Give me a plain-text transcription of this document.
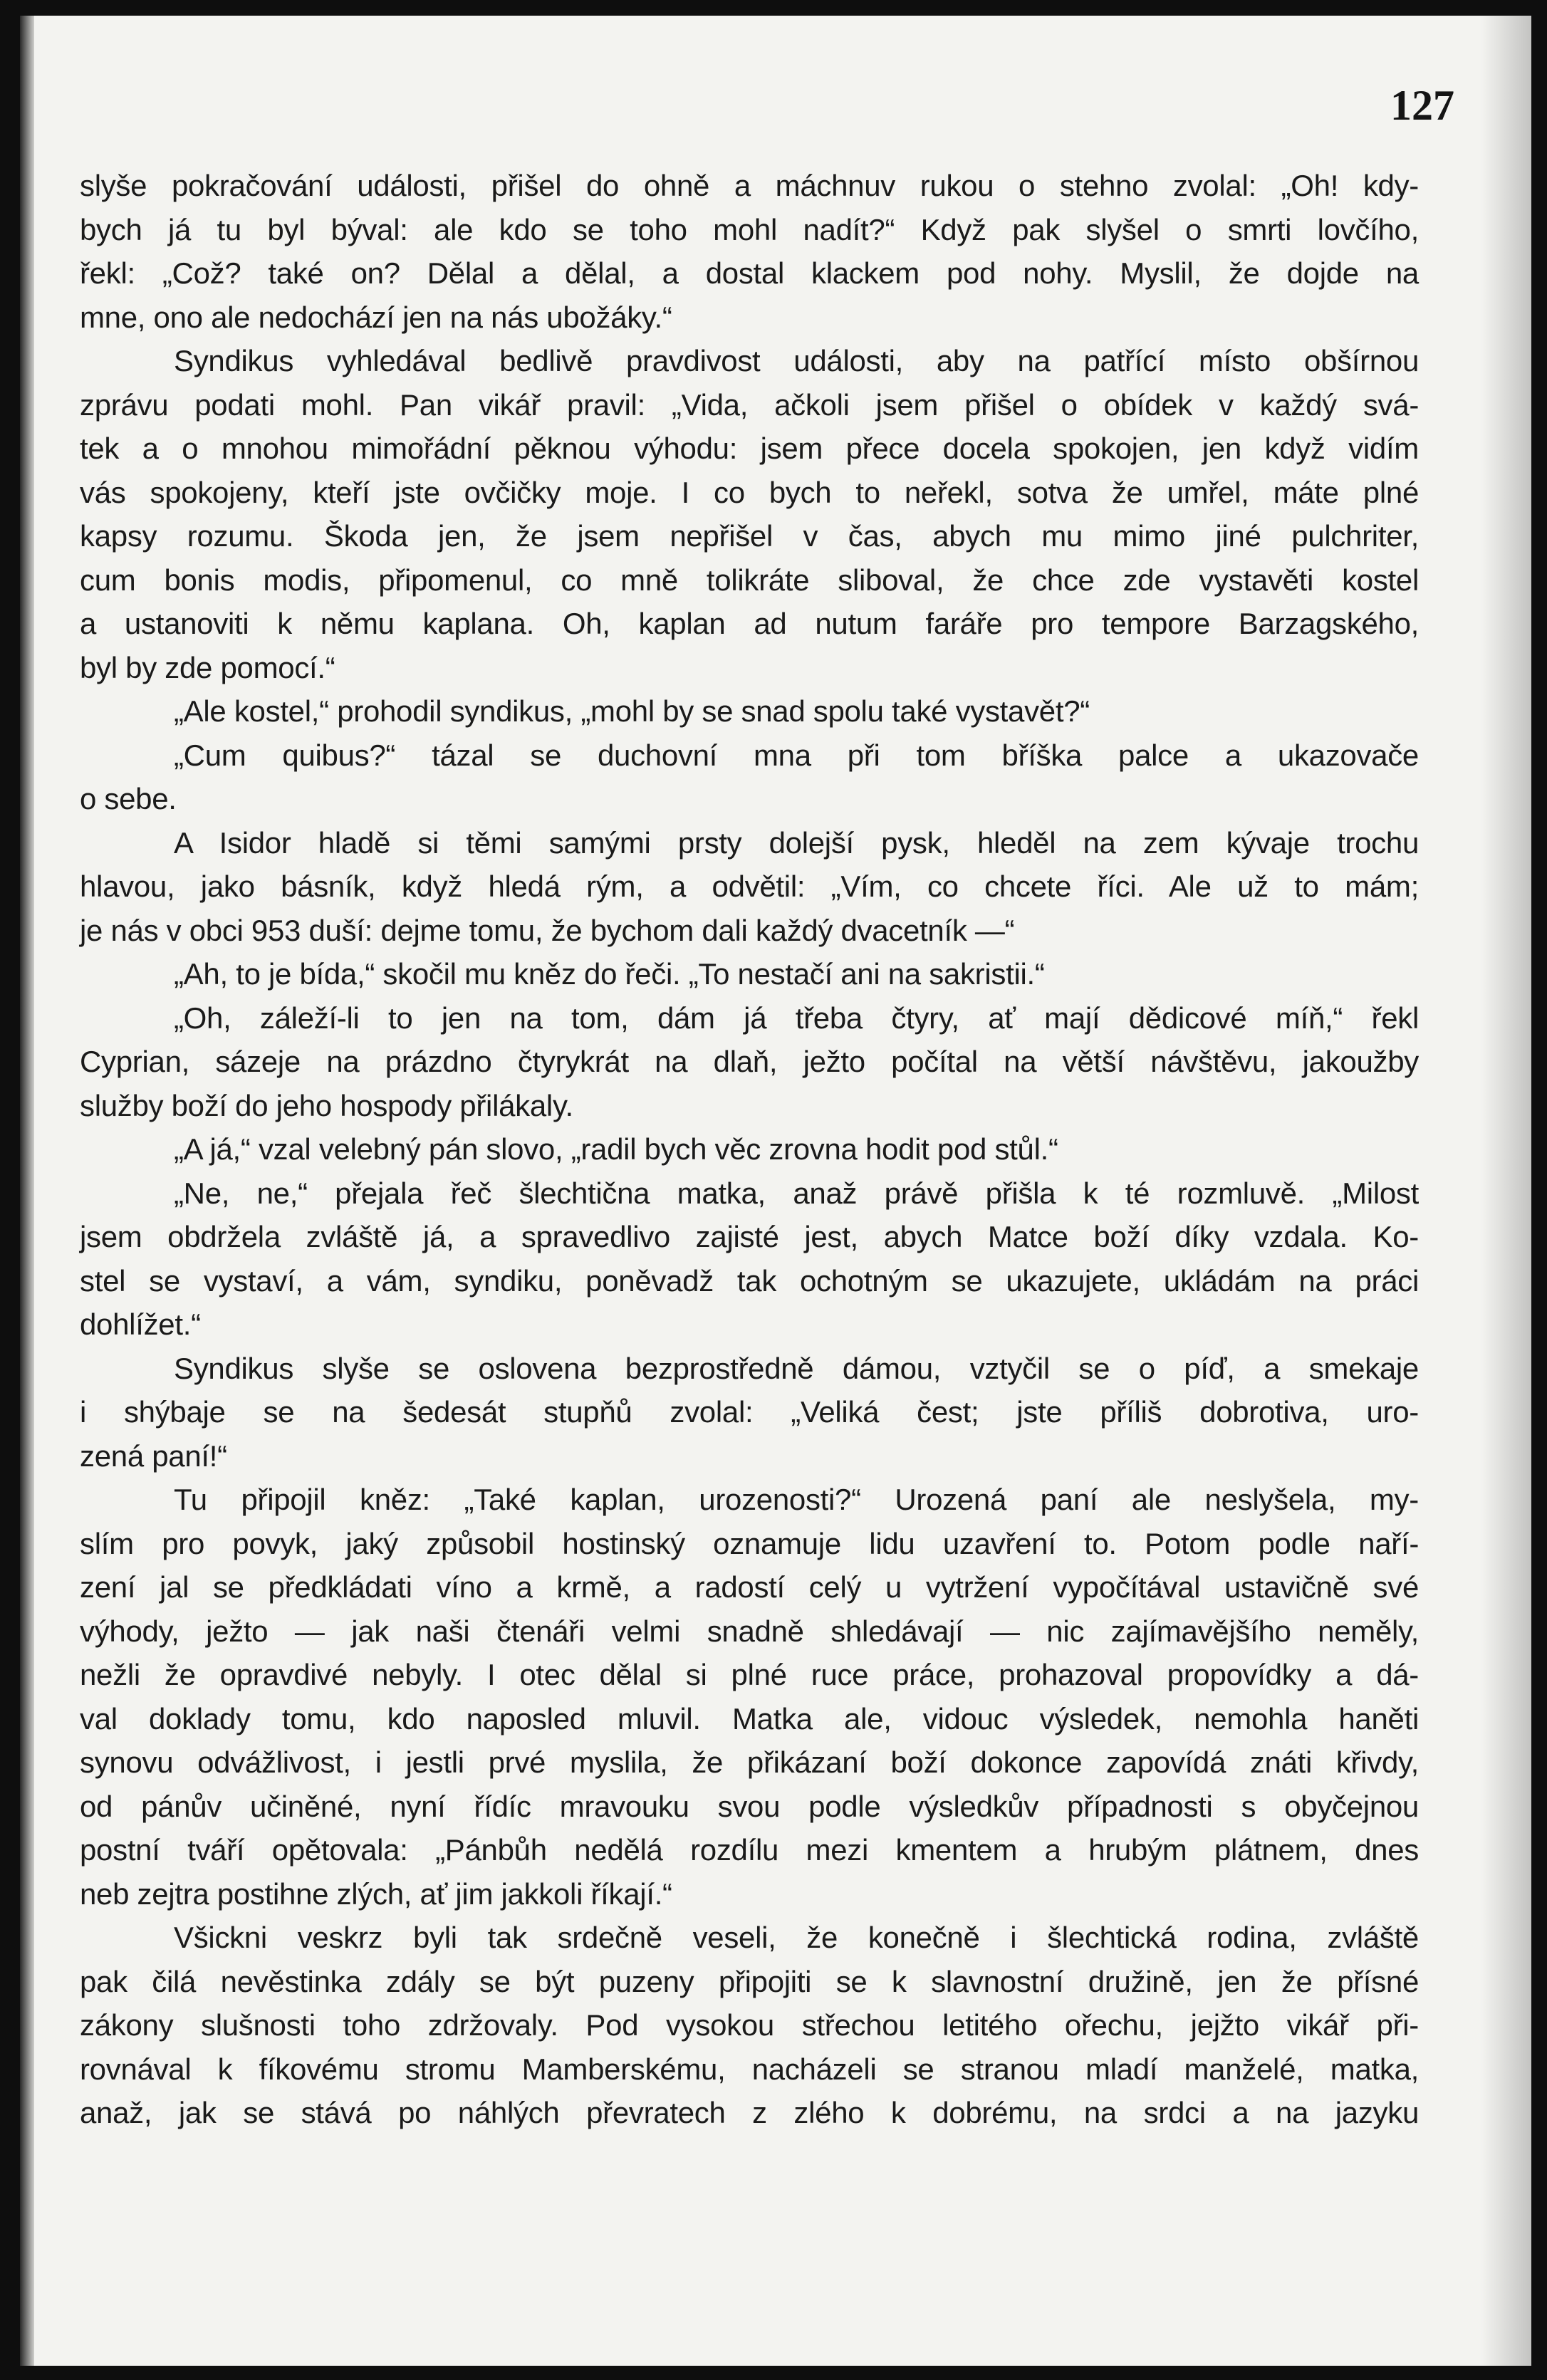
127
slyše pokračování události, přišel do ohně a máchnuv rukou o stehno zvolal: „Oh! kdy-
bych já tu byl býval: ale kdo se toho mohl nadít?“ Když pak slyšel o smrti lovčího,
řekl: „Což? také on? Dělal a dělal, a dostal klackem pod nohy. Myslil, že dojde na
mne, ono ale nedochází jen na nás ubožáky.“
Syndikus vyhledával bedlivě pravdivost události, aby na patřící místo obšírnou
zprávu podati mohl. Pan vikář pravil: „Vida, ačkoli jsem přišel o obídek v každý svá-
tek a o mnohou mimořádní pěknou výhodu: jsem přece docela spokojen, jen když vidím
vás spokojeny, kteří jste ovčičky moje. I co bych to neřekl, sotva že umřel, máte plné
kapsy rozumu. Škoda jen, že jsem nepřišel v čas, abych mu mimo jiné pulchriter,
cum bonis modis, připomenul, co mně tolikráte sliboval, že chce zde vystavěti kostel
a ustanoviti k němu kaplana. Oh, kaplan ad nutum faráře pro tempore Barzagského,
byl by zde pomocí.“
„Ale kostel,“ prohodil syndikus, „mohl by se snad spolu také vystavět?“
„Cum quibus?“ tázal se duchovní mna při tom bříška palce a ukazovače
o sebe.
A Isidor hladě si těmi samými prsty dolejší pysk, hleděl na zem kývaje trochu
hlavou, jako básník, když hledá rým, a odvětil: „Vím, co chcete říci. Ale už to mám;
je nás v obci 953 duší: dejme tomu, že bychom dali každý dvacetník —“
„Ah, to je bída,“ skočil mu kněz do řeči. „To nestačí ani na sakristii.“
„Oh, záleží-li to jen na tom, dám já třeba čtyry, ať mají dědicové míň,“ řekl
Cyprian, sázeje na prázdno čtyrykrát na dlaň, ježto počítal na větší návštěvu, jakoužby
služby boží do jeho hospody přilákaly.
„A já,“ vzal velebný pán slovo, „radil bych věc zrovna hodit pod stůl.“
„Ne, ne,“ přejala řeč šlechtična matka, anaž právě přišla k té rozmluvě. „Milost
jsem obdržela zvláště já, a spravedlivo zajisté jest, abych Matce boží díky vzdala. Ko-
stel se vystaví, a vám, syndiku, poněvadž tak ochotným se ukazujete, ukládám na práci
dohlížet.“
Syndikus slyše se oslovena bezprostředně dámou, vztyčil se o píď, a smekaje
i shýbaje se na šedesát stupňů zvolal: „Veliká čest; jste příliš dobrotiva, uro-
zená paní!“
Tu připojil kněz: „Také kaplan, urozenosti?“ Urozená paní ale neslyšela, my-
slím pro povyk, jaký způsobil hostinský oznamuje lidu uzavření to. Potom podle naří-
zení jal se předkládati víno a krmě, a radostí celý u vytržení vypočítával ustavičně své
výhody, ježto — jak naši čtenáři velmi snadně shledávají — nic zajímavějšího neměly,
nežli že opravdivé nebyly. I otec dělal si plné ruce práce, prohazoval propovídky a dá-
val doklady tomu, kdo naposled mluvil. Matka ale, vidouc výsledek, nemohla haněti
synovu odvážlivost, i jestli prvé myslila, že přikázaní boží dokonce zapovídá znáti křivdy,
od pánův učiněné, nyní řídíc mravouku svou podle výsledkův případnosti s obyčejnou
postní tváří opětovala: „Pánbůh nedělá rozdílu mezi kmentem a hrubým plátnem, dnes
neb zejtra postihne zlých, ať jim jakkoli říkají.“
Všickni veskrz byli tak srdečně veseli, že konečně i šlechtická rodina, zvláště
pak čilá nevěstinka zdály se být puzeny připojiti se k slavnostní družině, jen že přísné
zákony slušnosti toho zdržovaly. Pod vysokou střechou letitého ořechu, jejžto vikář při-
rovnával k fíkovému stromu Mamberskému, nacházeli se stranou mladí manželé, matka,
anaž, jak se stává po náhlých převratech z zlého k dobrému, na srdci a na jazyku
